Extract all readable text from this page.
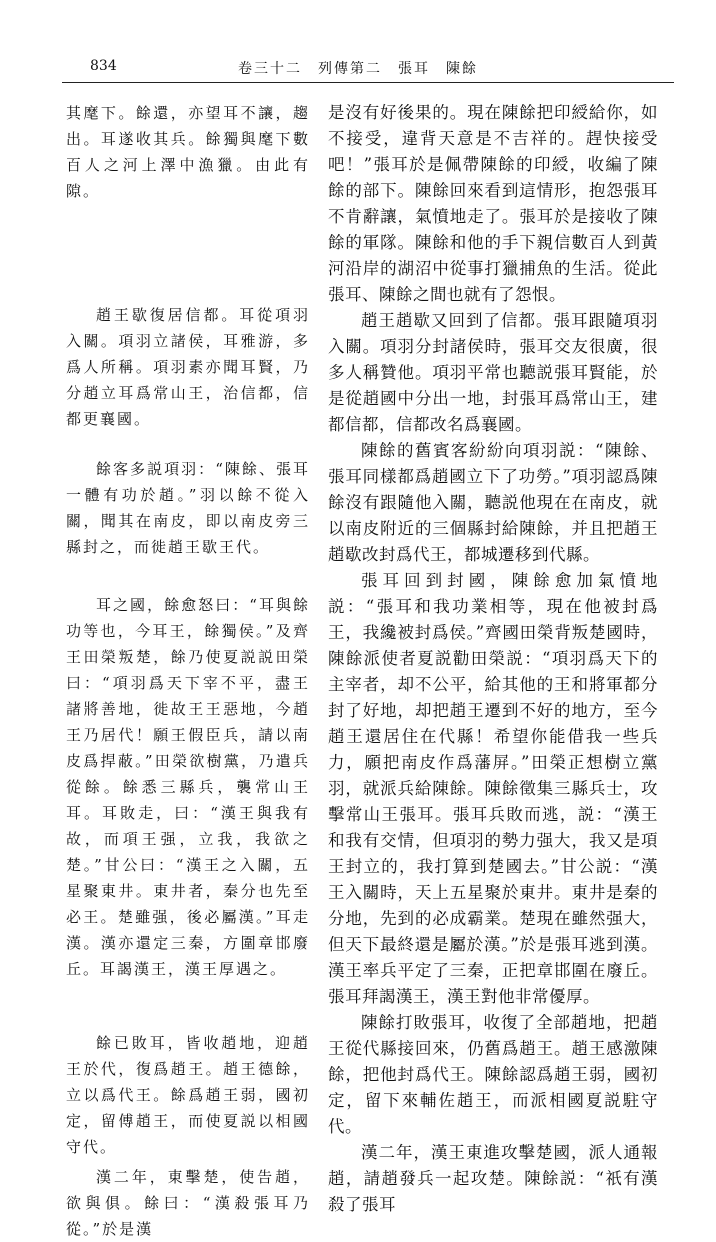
834	卷三十二　列傳第二　張耳　陳餘

其麾下。餘還，亦望耳不讓，趨出。耳遂收其兵。餘獨與麾下數百人之河上澤中漁獵。由此有隙。

趙王歇復居信都。耳從項羽入關。項羽立諸侯，耳雅游，多爲人所稱。項羽素亦聞耳賢，乃分趙立耳爲常山王，治信都，信都更襄國。

餘客多説項羽：“陳餘、張耳一體有功於趙。”羽以餘不從入關，聞其在南皮，即以南皮旁三縣封之，而徙趙王歇王代。

耳之國，餘愈怒曰：“耳與餘功等也，今耳王，餘獨侯。”及齊王田榮叛楚，餘乃使夏説説田榮曰：“項羽爲天下宰不平，盡王諸將善地，徙故王王惡地，今趙王乃居代！願王假臣兵，請以南皮爲捍蔽。”田榮欲樹黨，乃遣兵從餘。餘悉三縣兵，襲常山王耳。耳敗走，曰：“漢王與我有故，而項王强，立我，我欲之楚。”甘公曰：“漢王之入關，五星聚東井。東井者，秦分也先至必王。楚雖强，後必屬漢。”耳走漢。漢亦還定三秦，方圍章邯廢丘。耳謁漢王，漢王厚遇之。

餘已敗耳，皆收趙地，迎趙王於代，復爲趙王。趙王德餘，立以爲代王。餘爲趙王弱，國初定，留傅趙王，而使夏説以相國守代。

漢二年，東擊楚，使告趙，欲與俱。餘曰：“漢殺張耳乃從。”於是漢

是沒有好後果的。現在陳餘把印綬給你，如不接受，違背天意是不吉祥的。趕快接受吧！”張耳於是佩帶陳餘的印綬，收編了陳餘的部下。陳餘回來看到這情形，抱怨張耳不肯辭讓，氣憤地走了。張耳於是接收了陳餘的軍隊。陳餘和他的手下親信數百人到黃河沿岸的湖沼中從事打獵捕魚的生活。從此張耳、陳餘之間也就有了怨恨。

趙王趙歇又回到了信都。張耳跟隨項羽入關。項羽分封諸侯時，張耳交友很廣，很多人稱贊他。項羽平常也聽説張耳賢能，於是從趙國中分出一地，封張耳爲常山王，建都信都，信都改名爲襄國。

陳餘的舊賓客紛紛向項羽説：“陳餘、張耳同樣都爲趙國立下了功勞。”項羽認爲陳餘沒有跟隨他入關，聽説他現在在南皮，就以南皮附近的三個縣封給陳餘，并且把趙王趙歇改封爲代王，都城遷移到代縣。

張耳回到封國，陳餘愈加氣憤地説：“張耳和我功業相等，現在他被封爲王，我纔被封爲侯。”齊國田榮背叛楚國時，陳餘派使者夏説勸田榮説：“項羽爲天下的主宰者，却不公平，給其他的王和將軍都分封了好地，却把趙王遷到不好的地方，至今趙王還居住在代縣！希望你能借我一些兵力，願把南皮作爲藩屏。”田榮正想樹立黨羽，就派兵給陳餘。陳餘徵集三縣兵士，攻擊常山王張耳。張耳兵敗而逃，説：“漢王和我有交情，但項羽的勢力强大，我又是項王封立的，我打算到楚國去。”甘公説：“漢王入關時，天上五星聚於東井。東井是秦的分地，先到的必成霸業。楚現在雖然强大，但天下最終還是屬於漢。”於是張耳逃到漢。漢王率兵平定了三秦，正把章邯圍在廢丘。張耳拜謁漢王，漢王對他非常優厚。

陳餘打敗張耳，收復了全部趙地，把趙王從代縣接回來，仍舊爲趙王。趙王感激陳餘，把他封爲代王。陳餘認爲趙王弱，國初定，留下來輔佐趙王，而派相國夏説駐守代。

漢二年，漢王東進攻擊楚國，派人通報趙，請趙發兵一起攻楚。陳餘説：“祇有漢殺了張耳
